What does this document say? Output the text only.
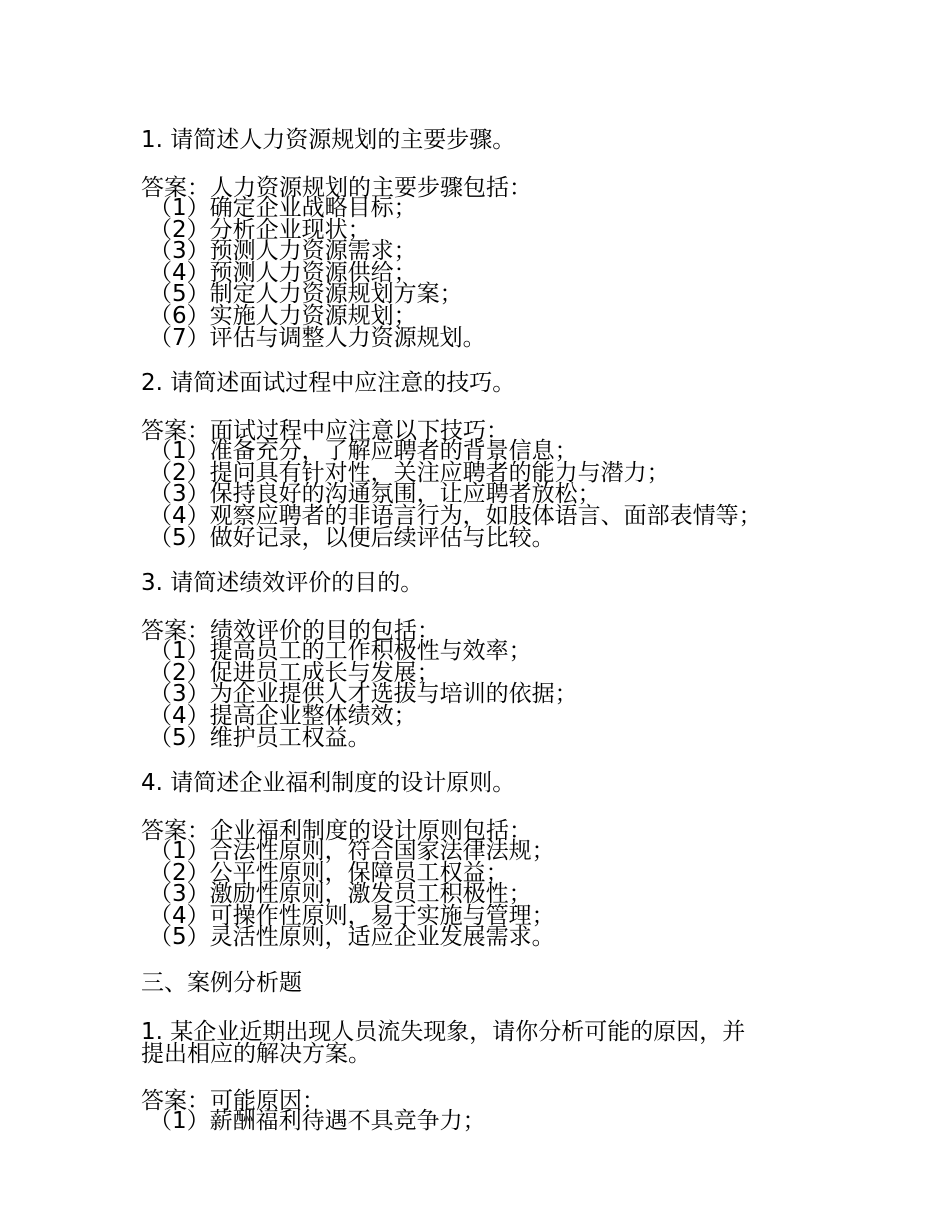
1. 请简述人力资源规划的主要步骤。

答案：人力资源规划的主要步骤包括：
（1）确定企业战略目标；
（2）分析企业现状；
（3）预测人力资源需求；
（4）预测人力资源供给；
（5）制定人力资源规划方案；
（6）实施人力资源规划；
（7）评估与调整人力资源规划。

2. 请简述面试过程中应注意的技巧。

答案：面试过程中应注意以下技巧：
（1）准备充分，了解应聘者的背景信息；
（2）提问具有针对性，关注应聘者的能力与潜力；
（3）保持良好的沟通氛围，让应聘者放松；
（4）观察应聘者的非语言行为，如肢体语言、面部表情等；
（5）做好记录，以便后续评估与比较。

3. 请简述绩效评价的目的。

答案：绩效评价的目的包括：
（1）提高员工的工作积极性与效率；
（2）促进员工成长与发展；
（3）为企业提供人才选拔与培训的依据；
（4）提高企业整体绩效；
（5）维护员工权益。

4. 请简述企业福利制度的设计原则。

答案：企业福利制度的设计原则包括：
（1）合法性原则，符合国家法律法规；
（2）公平性原则，保障员工权益；
（3）激励性原则，激发员工积极性；
（4）可操作性原则，易于实施与管理；
（5）灵活性原则，适应企业发展需求。

三、案例分析题

1. 某企业近期出现人员流失现象，请你分析可能的原因，并
提出相应的解决方案。

答案：可能原因：
（1）薪酬福利待遇不具竞争力；
